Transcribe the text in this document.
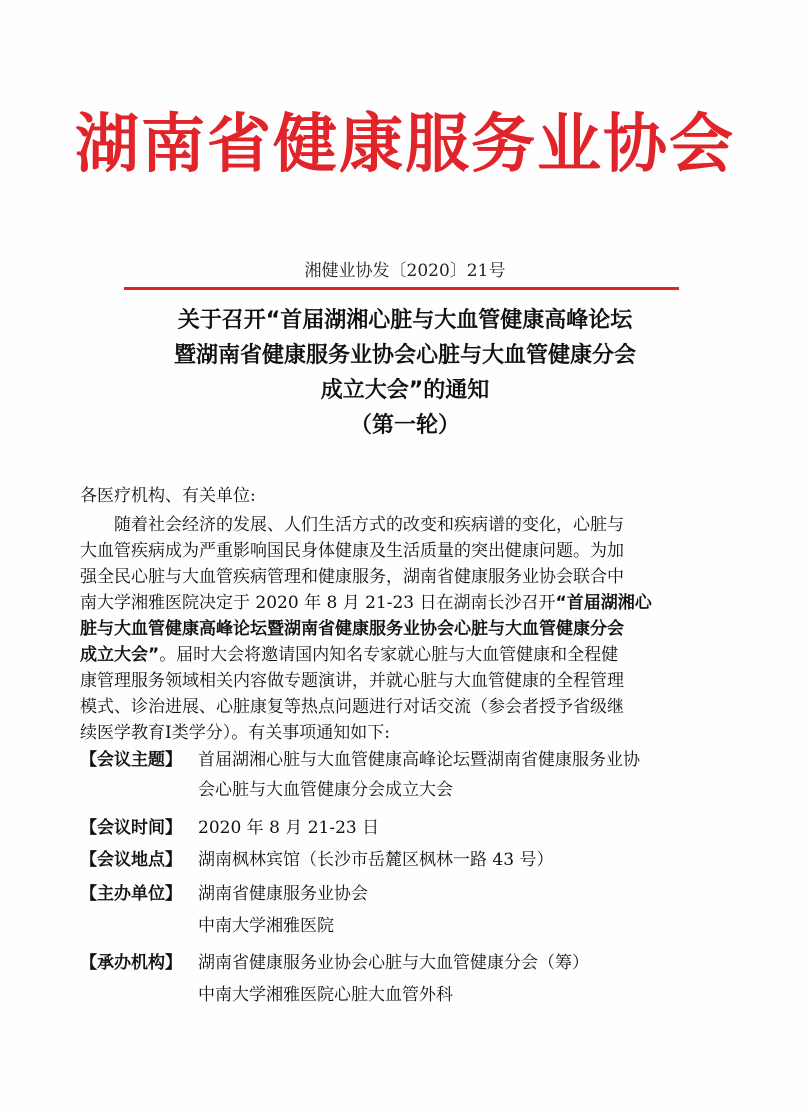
湖南省健康服务业协会
湘健业协发〔2020〕21号
关于召开“首届湖湘心脏与大血管健康高峰论坛
暨湖南省健康服务业协会心脏与大血管健康分会
成立大会”的通知
（第一轮）
各医疗机构、有关单位:
随着社会经济的发展、人们生活方式的改变和疾病谱的变化，心脏与
大血管疾病成为严重影响国民身体健康及生活质量的突出健康问题。为加
强全民心脏与大血管疾病管理和健康服务，湖南省健康服务业协会联合中
南大学湘雅医院决定于 2020 年 8 月 21-23 日在湖南长沙召开“首届湖湘心
脏与大血管健康高峰论坛暨湖南省健康服务业协会心脏与大血管健康分会
成立大会”。届时大会将邀请国内知名专家就心脏与大血管健康和全程健
康管理服务领域相关内容做专题演讲，并就心脏与大血管健康的全程管理
模式、诊治进展、心脏康复等热点问题进行对话交流（参会者授予省级继
续医学教育Ⅰ类学分）。有关事项通知如下:
【会议主题】 首届湖湘心脏与大血管健康高峰论坛暨湖南省健康服务业协
会心脏与大血管健康分会成立大会
【会议时间】 2020 年 8 月 21-23 日
【会议地点】 湖南枫林宾馆（长沙市岳麓区枫林一路 43 号）
【主办单位】 湖南省健康服务业协会
中南大学湘雅医院
【承办机构】 湖南省健康服务业协会心脏与大血管健康分会（筹）
中南大学湘雅医院心脏大血管外科
